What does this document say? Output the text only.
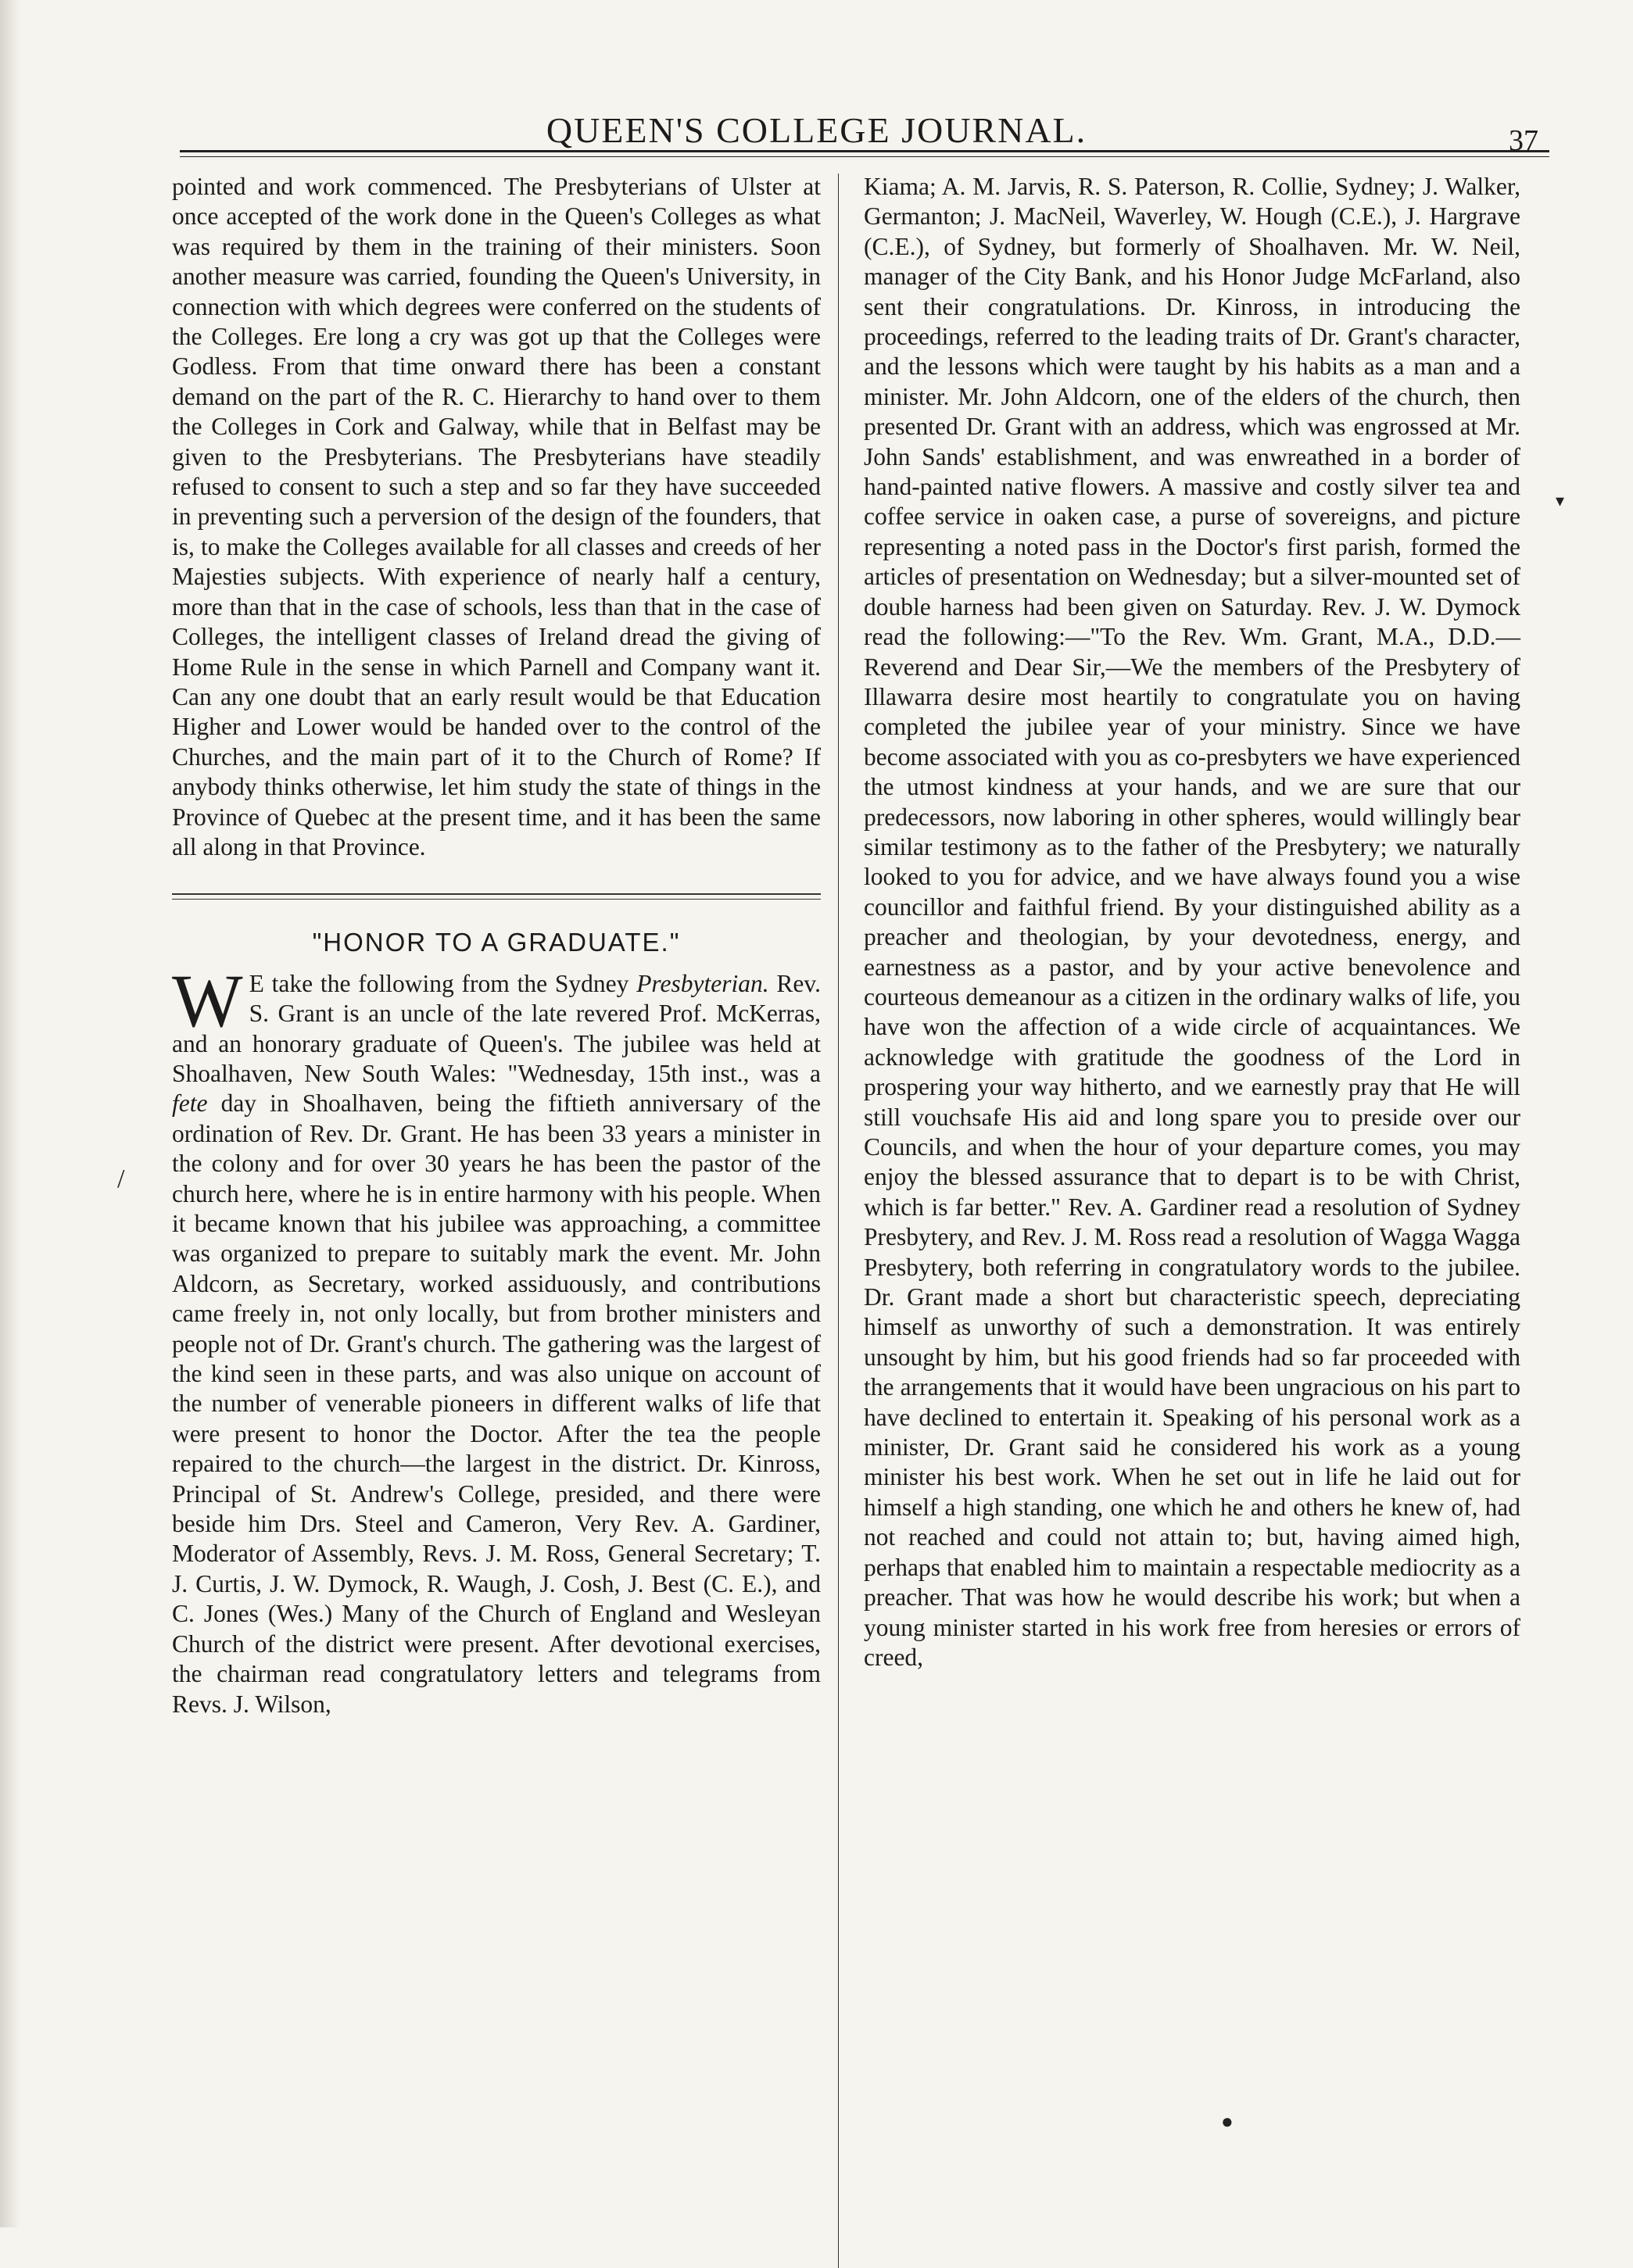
QUEEN'S COLLEGE JOURNAL.	37

pointed and work commenced. The Presbyterians of Ulster at once accepted of the work done in the Queen's Colleges as what was required by them in the training of their ministers. Soon another measure was carried, founding the Queen's University, in connection with which degrees were conferred on the students of the Colleges. Ere long a cry was got up that the Colleges were Godless. From that time onward there has been a constant demand on the part of the R. C. Hierarchy to hand over to them the Colleges in Cork and Galway, while that in Belfast may be given to the Presbyterians. The Presbyterians have steadily refused to consent to such a step and so far they have succeeded in preventing such a perversion of the design of the founders, that is, to make the Colleges available for all classes and creeds of her Majesties subjects. With experience of nearly half a century, more than that in the case of schools, less than that in the case of Colleges, the intelligent classes of Ireland dread the giving of Home Rule in the sense in which Parnell and Company want it. Can any one doubt that an early result would be that Education Higher and Lower would be handed over to the control of the Churches, and the main part of it to the Church of Rome? If anybody thinks otherwise, let him study the state of things in the Province of Quebec at the present time, and it has been the same all along in that Province.

"HONOR TO A GRADUATE."

W E take the following from the Sydney Presbyterian. Rev. S. Grant is an uncle of the late revered Prof. McKerras, and an honorary graduate of Queen's. The jubilee was held at Shoalhaven, New South Wales: "Wednesday, 15th inst., was a fete day in Shoalhaven, being the fiftieth anniversary of the ordination of Rev. Dr. Grant. He has been 33 years a minister in the colony and for over 30 years he has been the pastor of the church here, where he is in entire harmony with his people. When it became known that his jubilee was approaching, a committee was organized to prepare to suitably mark the event. Mr. John Aldcorn, as Secretary, worked assiduously, and contributions came freely in, not only locally, but from brother ministers and people not of Dr. Grant's church. The gathering was the largest of the kind seen in these parts, and was also unique on account of the number of venerable pioneers in different walks of life that were present to honor the Doctor. After the tea the people repaired to the church—the largest in the district. Dr. Kinross, Principal of St. Andrew's College, presided, and there were beside him Drs. Steel and Cameron, Very Rev. A. Gardiner, Moderator of Assembly, Revs. J. M. Ross, General Secretary; T. J. Curtis, J. W. Dymock, R. Waugh, J. Cosh, J. Best (C. E.), and C. Jones (Wes.) Many of the Church of England and Wesleyan Church of the district were present. After devotional exercises, the chairman read congratulatory letters and telegrams from Revs. J. Wilson,

Kiama; A. M. Jarvis, R. S. Paterson, R. Collie, Sydney; J. Walker, Germanton; J. MacNeil, Waverley, W. Hough (C.E.), J. Hargrave (C.E.), of Sydney, but formerly of Shoalhaven. Mr. W. Neil, manager of the City Bank, and his Honor Judge McFarland, also sent their congratulations. Dr. Kinross, in introducing the proceedings, referred to the leading traits of Dr. Grant's character, and the lessons which were taught by his habits as a man and a minister. Mr. John Aldcorn, one of the elders of the church, then presented Dr. Grant with an address, which was engrossed at Mr. John Sands' establishment, and was enwreathed in a border of hand-painted native flowers. A massive and costly silver tea and coffee service in oaken case, a purse of sovereigns, and picture representing a noted pass in the Doctor's first parish, formed the articles of presentation on Wednesday; but a silver-mounted set of double harness had been given on Saturday. Rev. J. W. Dymock read the following:—"To the Rev. Wm. Grant, M.A., D.D.—Reverend and Dear Sir,—We the members of the Presbytery of Illawarra desire most heartily to congratulate you on having completed the jubilee year of your ministry. Since we have become associated with you as co-presbyters we have experienced the utmost kindness at your hands, and we are sure that our predecessors, now laboring in other spheres, would willingly bear similar testimony as to the father of the Presbytery; we naturally looked to you for advice, and we have always found you a wise councillor and faithful friend. By your distinguished ability as a preacher and theologian, by your devotedness, energy, and earnestness as a pastor, and by your active benevolence and courteous demeanour as a citizen in the ordinary walks of life, you have won the affection of a wide circle of acquaintances. We acknowledge with gratitude the goodness of the Lord in prospering your way hitherto, and we earnestly pray that He will still vouchsafe His aid and long spare you to preside over our Councils, and when the hour of your departure comes, you may enjoy the blessed assurance that to depart is to be with Christ, which is far better." Rev. A. Gardiner read a resolution of Sydney Presbytery, and Rev. J. M. Ross read a resolution of Wagga Wagga Presbytery, both referring in congratulatory words to the jubilee. Dr. Grant made a short but characteristic speech, depreciating himself as unworthy of such a demonstration. It was entirely unsought by him, but his good friends had so far proceeded with the arrangements that it would have been ungracious on his part to have declined to entertain it. Speaking of his personal work as a minister, Dr. Grant said he considered his work as a young minister his best work. When he set out in life he laid out for himself a high standing, one which he and others he knew of, had not reached and could not attain to; but, having aimed high, perhaps that enabled him to maintain a respectable mediocrity as a preacher. That was how he would describe his work; but when a young minister started in his work free from heresies or errors of creed,

/
▾
●
